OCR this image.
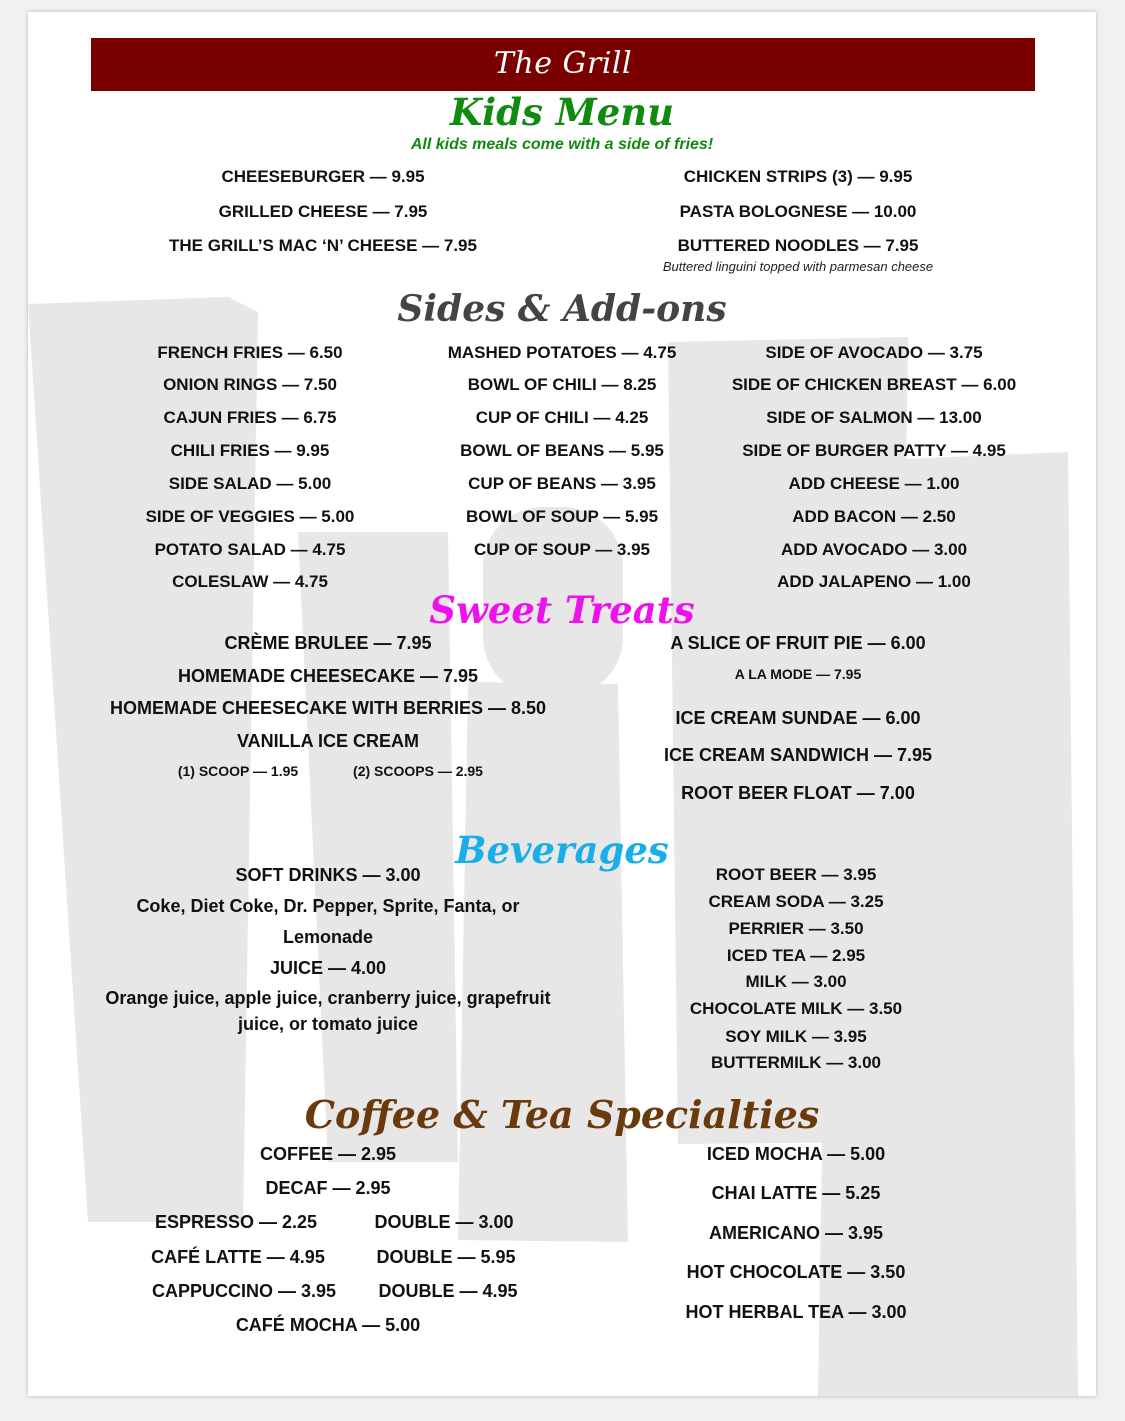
The Grill
Kids Menu
All kids meals come with a side of fries!
CHEESEBURGER — 9.95
GRILLED CHEESE — 7.95
THE GRILL’S MAC ‘N’ CHEESE — 7.95
CHICKEN STRIPS (3) — 9.95
PASTA BOLOGNESE — 10.00
BUTTERED NOODLES — 7.95
Buttered linguini topped with parmesan cheese
Sides & Add-ons
FRENCH FRIES — 6.50
ONION RINGS — 7.50
CAJUN FRIES — 6.75
CHILI FRIES — 9.95
SIDE SALAD — 5.00
SIDE OF VEGGIES — 5.00
POTATO SALAD — 4.75
COLESLAW — 4.75
MASHED POTATOES — 4.75
BOWL OF CHILI — 8.25
CUP OF CHILI — 4.25
BOWL OF BEANS — 5.95
CUP OF BEANS — 3.95
BOWL OF SOUP — 5.95
CUP OF SOUP — 3.95
SIDE OF AVOCADO — 3.75
SIDE OF CHICKEN BREAST — 6.00
SIDE OF SALMON — 13.00
SIDE OF BURGER PATTY — 4.95
ADD CHEESE — 1.00
ADD BACON — 2.50
ADD AVOCADO — 3.00
ADD JALAPENO — 1.00
Sweet Treats
CRÈME BRULEE — 7.95
HOMEMADE CHEESECAKE — 7.95
HOMEMADE CHEESECAKE WITH BERRIES — 8.50
VANILLA ICE CREAM
(1) SCOOP — 1.95	(2) SCOOPS — 2.95
A SLICE OF FRUIT PIE — 6.00
A LA MODE — 7.95
ICE CREAM SUNDAE — 6.00
ICE CREAM SANDWICH — 7.95
ROOT BEER FLOAT — 7.00
Beverages
SOFT DRINKS — 3.00
Coke, Diet Coke, Dr. Pepper, Sprite, Fanta, or
Lemonade
JUICE — 4.00
Orange juice, apple juice, cranberry juice, grapefruit
juice, or tomato juice
ROOT BEER — 3.95
CREAM SODA — 3.25
PERRIER — 3.50
ICED TEA — 2.95
MILK — 3.00
CHOCOLATE MILK — 3.50
SOY MILK — 3.95
BUTTERMILK — 3.00
Coffee & Tea Specialties
COFFEE — 2.95
DECAF — 2.95
ESPRESSO — 2.25	DOUBLE — 3.00
CAFÉ LATTE — 4.95	DOUBLE — 5.95
CAPPUCCINO — 3.95	DOUBLE — 4.95
CAFÉ MOCHA — 5.00
ICED MOCHA — 5.00
CHAI LATTE — 5.25
AMERICANO — 3.95
HOT CHOCOLATE — 3.50
HOT HERBAL TEA — 3.00
